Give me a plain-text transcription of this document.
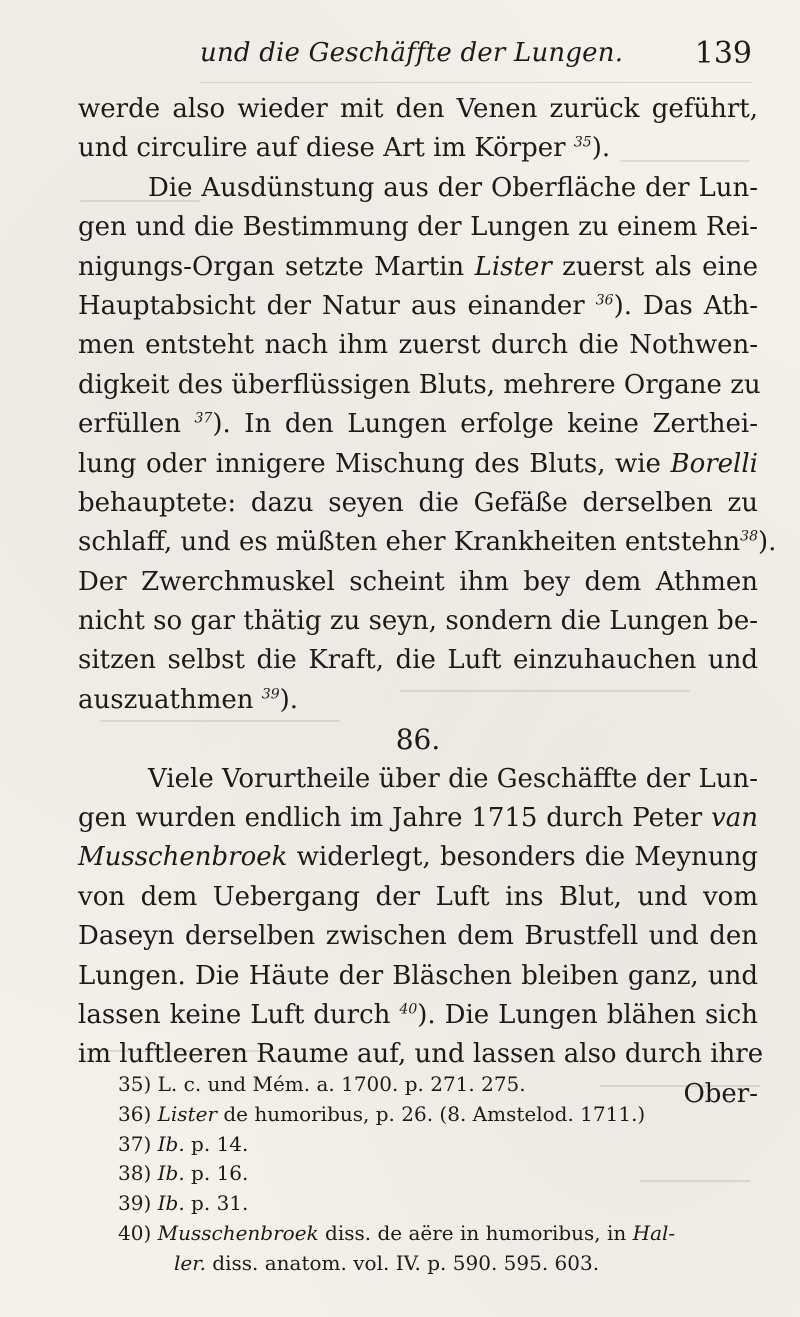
und die Geschäffte der Lungen. 139
werde also wieder mit den Venen zurück geführt,
und circulire auf diese Art im Körper $^{35}$).
Die Ausdünstung aus der Oberfläche der Lun-
gen und die Bestimmung der Lungen zu einem Rei-
nigungs-Organ setzte Martin Lister zuerst als eine
Hauptabsicht der Natur aus einander $^{36}$). Das Ath-
men entsteht nach ihm zuerst durch die Nothwen-
digkeit des überflüssigen Bluts, mehrere Organe zu
erfüllen $^{37}$). In den Lungen erfolge keine Zerthei-
lung oder innigere Mischung des Bluts, wie Borelli
behauptete: dazu seyen die Gefäße derselben zu
schlaff, und es müßten eher Krankheiten entstehn$^{38}$).
Der Zwerchmuskel scheint ihm bey dem Athmen
nicht so gar thätig zu seyn, sondern die Lungen be-
sitzen selbst die Kraft, die Luft einzuhauchen und
auszuathmen $^{39}$).
86.
Viele Vorurtheile über die Geschäffte der Lun-
gen wurden endlich im Jahre 1715 durch Peter van
Musschenbroek widerlegt, besonders die Meynung
von dem Uebergang der Luft ins Blut, und vom
Daseyn derselben zwischen dem Brustfell und den
Lungen. Die Häute der Bläschen bleiben ganz, und
lassen keine Luft durch $^{40}$). Die Lungen blähen sich
im luftleeren Raume auf, und lassen also durch ihre
Ober-
35) L. c. und Mém. a. 1700. p. 271. 275.
36) Lister de humoribus, p. 26. (8. Amstelod. 1711.)
37) Ib. p. 14.
38) Ib. p. 16.
39) Ib. p. 31.
40) Musschenbroek diss. de aëre in humoribus, in Hal-
ler. diss. anatom. vol. IV. p. 590. 595. 603.
